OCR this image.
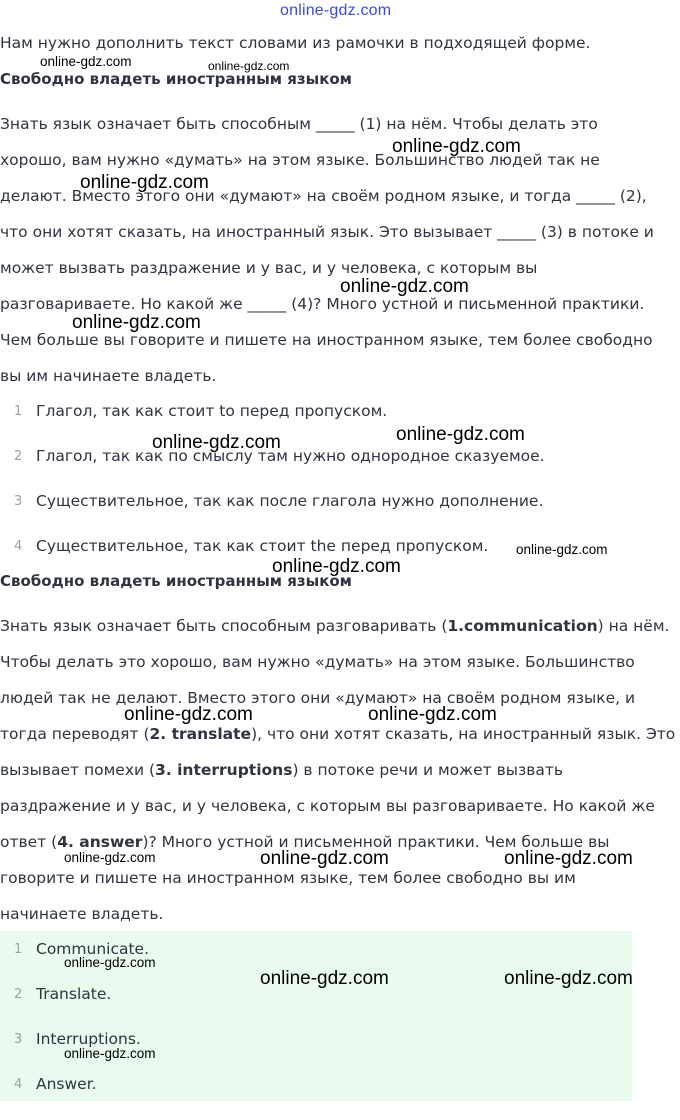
online-gdz.com
Нам нужно дополнить текст словами из рамочки в подходящей форме.
Свободно владеть иностранным языком
Знать язык означает быть способным _____ (1) на нём. Чтобы делать это
хорошо, вам нужно «думать» на этом языке. Большинство людей так не
делают. Вместо этого они «думают» на своём родном языке, и тогда _____ (2),
что они хотят сказать, на иностранный язык. Это вызывает _____ (3) в потоке и
может вызвать раздражение и у вас, и у человека, с которым вы
разговариваете. Но какой же _____ (4)? Много устной и письменной практики.
Чем больше вы говорите и пишете на иностранном языке, тем более свободно
вы им начинаете владеть.
1 Глагол, так как стоит to перед пропуском.
2 Глагол, так как по смыслу там нужно однородное сказуемое.
3 Существительное, так как после глагола нужно дополнение.
4 Существительное, так как стоит the перед пропуском.
Свободно владеть иностранным языком
Знать язык означает быть способным разговаривать (1.communication) на нём.
Чтобы делать это хорошо, вам нужно «думать» на этом языке. Большинство
людей так не делают. Вместо этого они «думают» на своём родном языке, и
тогда переводят (2. translate), что они хотят сказать, на иностранный язык. Это
вызывает помехи (3. interruptions) в потоке речи и может вызвать
раздражение и у вас, и у человека, с которым вы разговариваете. Но какой же
ответ (4. answer)? Много устной и письменной практики. Чем больше вы
говорите и пишете на иностранном языке, тем более свободно вы им
начинаете владеть.
1 Communicate.
2 Translate.
3 Interruptions.
4 Answer.
online-gdz.com	online-gdz.com
online-gdz.com
online-gdz.com
online-gdz.com
online-gdz.com
online-gdz.com	online-gdz.com
online-gdz.com
online-gdz.com
online-gdz.com	online-gdz.com
online-gdz.com	online-gdz.com	online-gdz.com
online-gdz.com
online-gdz.com	online-gdz.com
online-gdz.com
